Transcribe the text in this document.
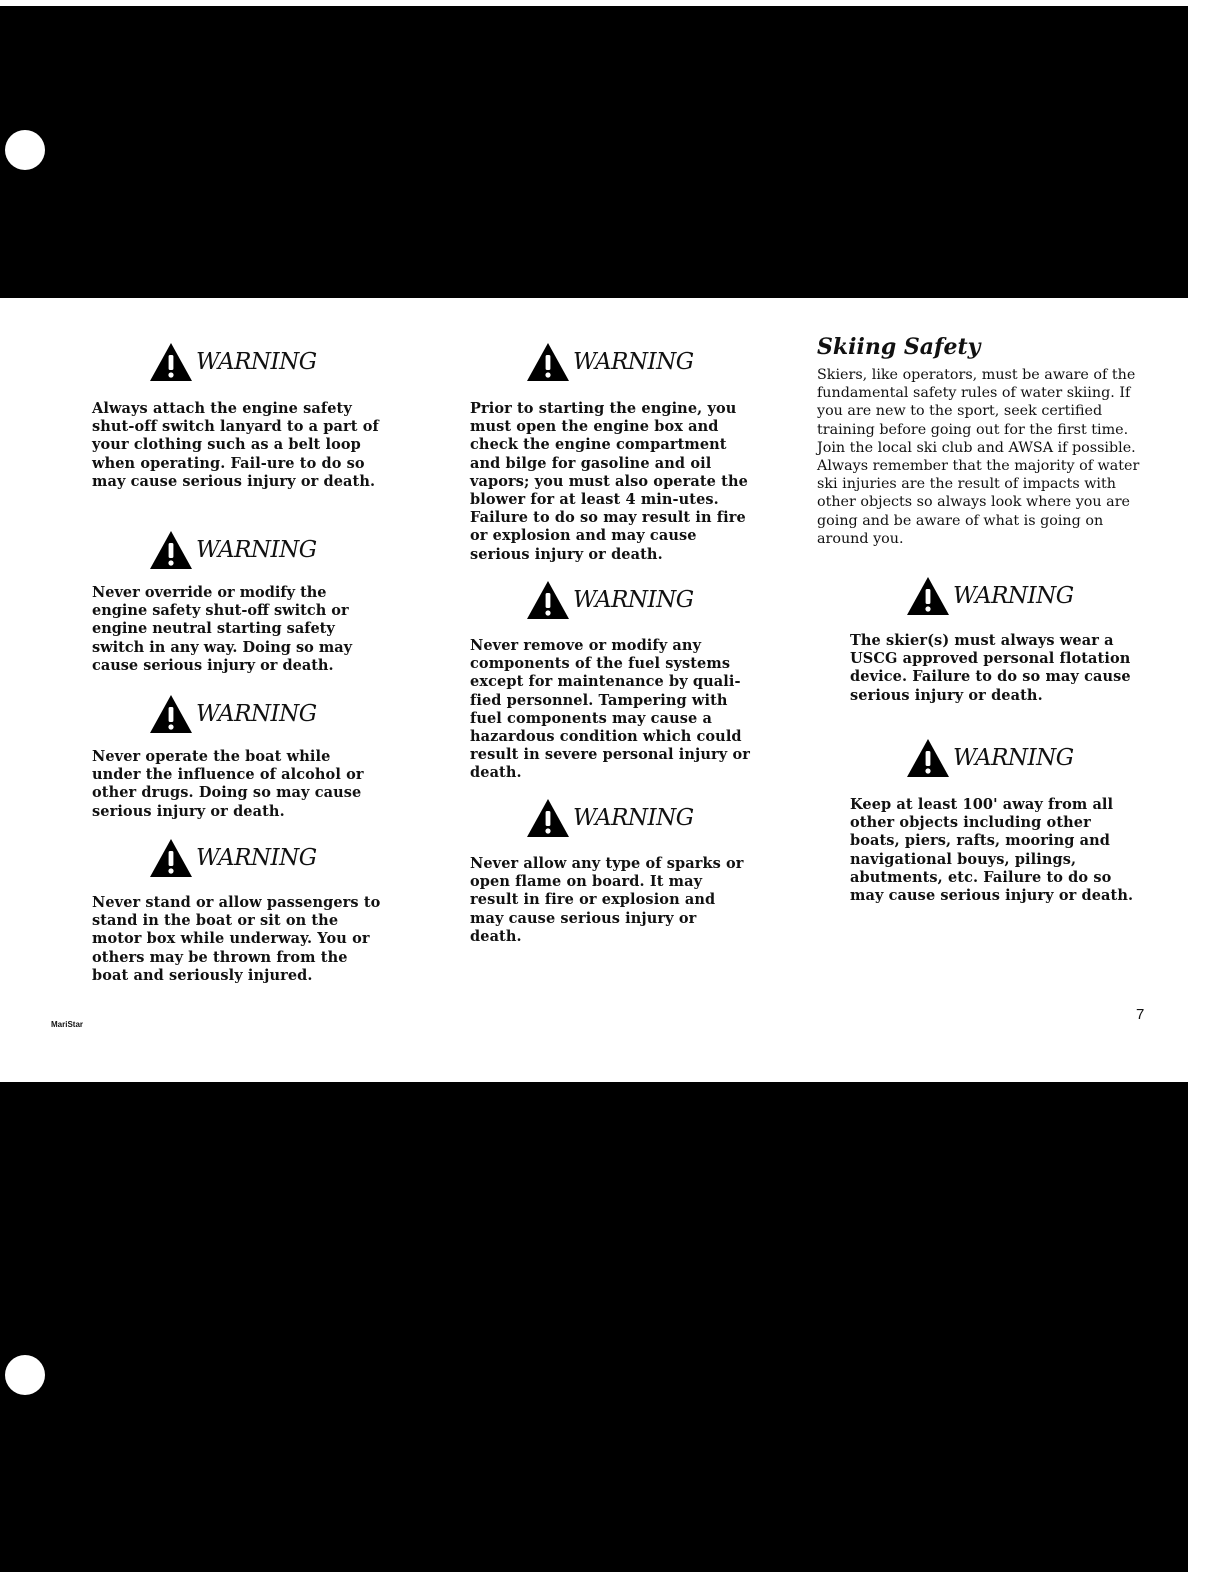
WARNING

Always attach the engine safety shut-off switch lanyard to a part of your clothing such as a belt loop when operating. Fail-ure to do so may cause serious injury or death.

WARNING

Never override or modify the engine safety shut-off switch or engine neutral starting safety switch in any way. Doing so may cause serious injury or death.

WARNING

Never operate the boat while under the influence of alcohol or other drugs. Doing so may cause serious injury or death.

WARNING

Never stand or allow passengers to stand in the boat or sit on the motor box while underway. You or others may be thrown from the boat and seriously injured.

WARNING

Prior to starting the engine, you must open the engine box and check the engine compartment and bilge for gasoline and oil vapors; you must also operate the blower for at least 4 min-utes. Failure to do so may result in fire or explosion and may cause serious injury or death.

WARNING

Never remove or modify any components of the fuel systems except for maintenance by quali-fied personnel. Tampering with fuel components may cause a hazardous condition which could result in severe personal injury or death.

WARNING

Never allow any type of sparks or open flame on board. It may result in fire or explosion and may cause serious injury or death.

Skiing Safety

Skiers, like operators, must be aware of the fundamental safety rules of water skiing. If you are new to the sport, seek certified training before going out for the first time. Join the local ski club and AWSA if possible. Always remember that the majority of water ski injuries are the result of impacts with other objects so always look where you are going and be aware of what is going on around you.

WARNING

The skier(s) must always wear a USCG approved personal flotation device. Failure to do so may cause serious injury or death.

WARNING

Keep at least 100' away from all other objects including other boats, piers, rafts, mooring and navigational bouys, pilings, abutments, etc. Failure to do so may cause serious injury or death.

MariStar
7
